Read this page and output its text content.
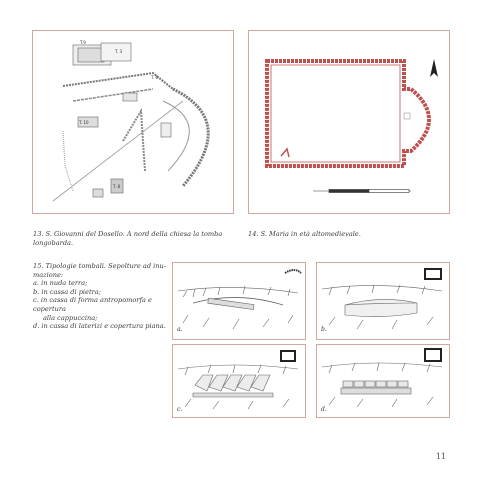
T.9
T. 3
T. 6
T. 10
T. 8
13. S. Giovanni del Dosello. A nord della chiesa la tomba longobarda.
14. S. Maria in età altomedievale.
15. Tipologie tombali. Sepolture ad inu-
mazione:
a. in nuda terra;
b. in cassa di pietra;
c. in cassa di forma antropomorfa e copertura
alla cappuccina;
d. in cassa di laterizi e copertura piana.	a.	b.
c.	d.
11
